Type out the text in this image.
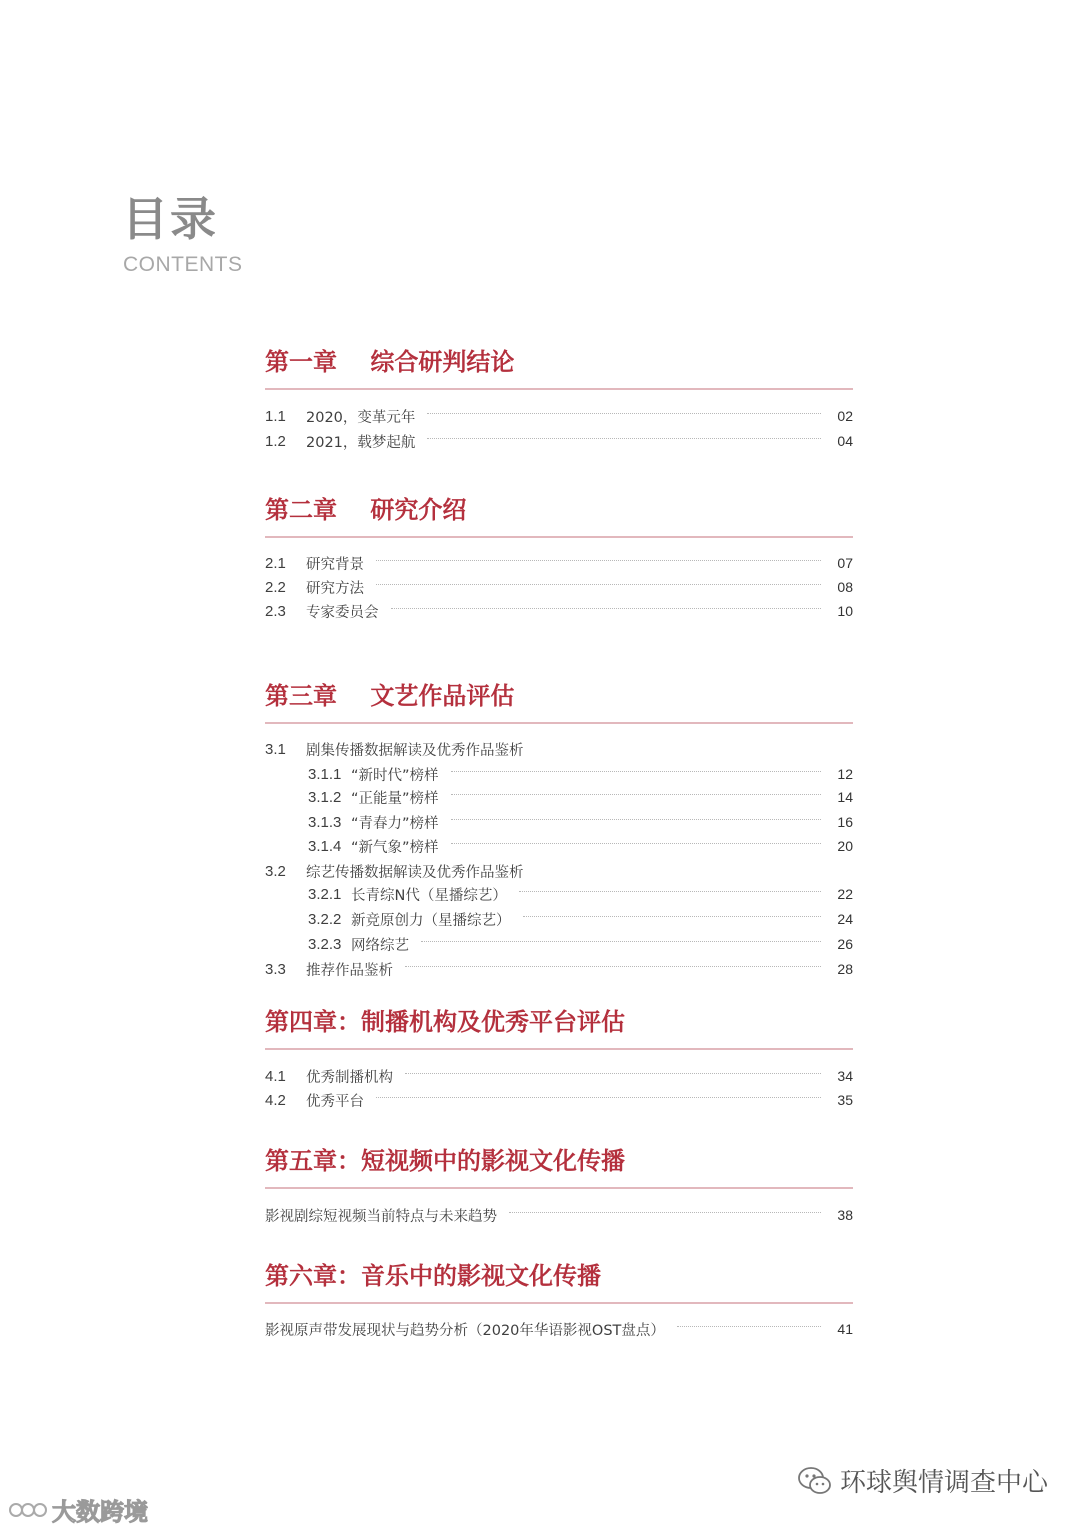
目录
CONTENTS
第一章    综合研判结论
1.1	2020，变革元年	02
1.2	2021，载梦起航	04
第二章    研究介绍
2.1	研究背景	07
2.2	研究方法	08
2.3	专家委员会	10
第三章    文艺作品评估
3.1	剧集传播数据解读及优秀作品鉴析
3.1.1 “新时代”榜样	12
3.1.2 “正能量”榜样	14
3.1.3 “青春力”榜样	16
3.1.4 “新气象”榜样	20
3.2	综艺传播数据解读及优秀作品鉴析
3.2.1 长青综N代（星播综艺）	22
3.2.2 新竞原创力（星播综艺）	24
3.2.3 网络综艺	26
3.3	推荐作品鉴析	28
第四章：制播机构及优秀平台评估
4.1	优秀制播机构	34
4.2	优秀平台	35
第五章：短视频中的影视文化传播
影视剧综短视频当前特点与未来趋势	38
第六章：音乐中的影视文化传播
影视原声带发展现状与趋势分析（2020年华语影视OST盘点）	41
环球舆情调查中心
大数跨境
